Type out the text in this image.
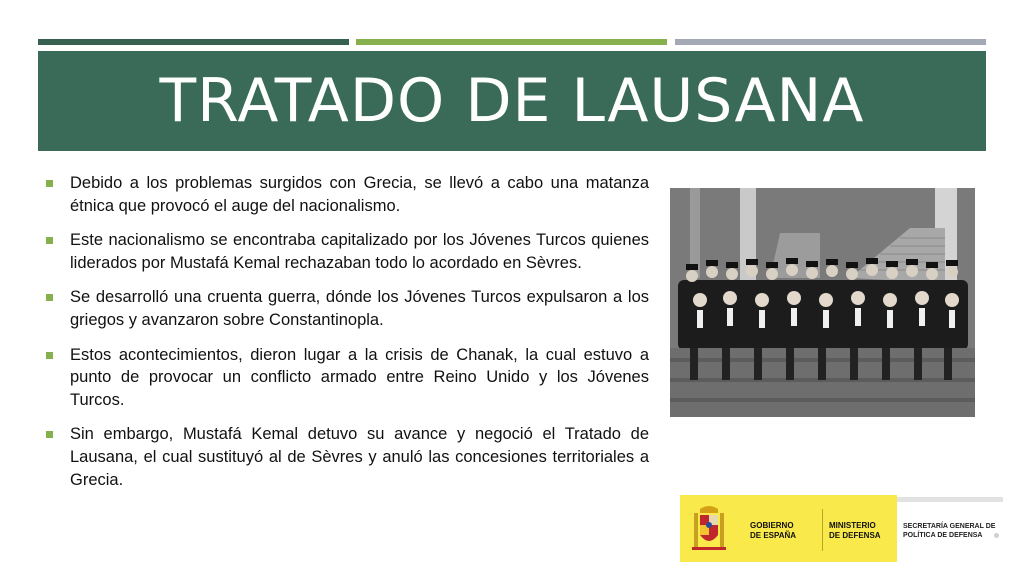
TRATADO DE LAUSANA
Debido a los problemas surgidos con Grecia, se llevó a cabo una matanza étnica que provocó el auge del nacionalismo.
Este nacionalismo se encontraba capitalizado por los Jóvenes Turcos quienes liderados por Mustafá Kemal rechazaban todo lo acordado en Sèvres.
Se desarrolló una cruenta guerra, dónde los Jóvenes Turcos expulsaron a los griegos y avanzaron sobre Constantinopla.
Estos acontecimientos, dieron lugar a la crisis de Chanak, la cual estuvo a punto de provocar un conflicto armado entre Reino Unido y los Jóvenes Turcos.
Sin embargo, Mustafá Kemal detuvo su avance y negoció el Tratado de Lausana, el cual sustituyó al de Sèvres y anuló las concesiones territoriales a Grecia.
GOBIERNO
DE ESPAÑA
MINISTERIO
DE DEFENSA
SECRETARÍA GENERAL DE
POLÍTICA DE DEFENSA
